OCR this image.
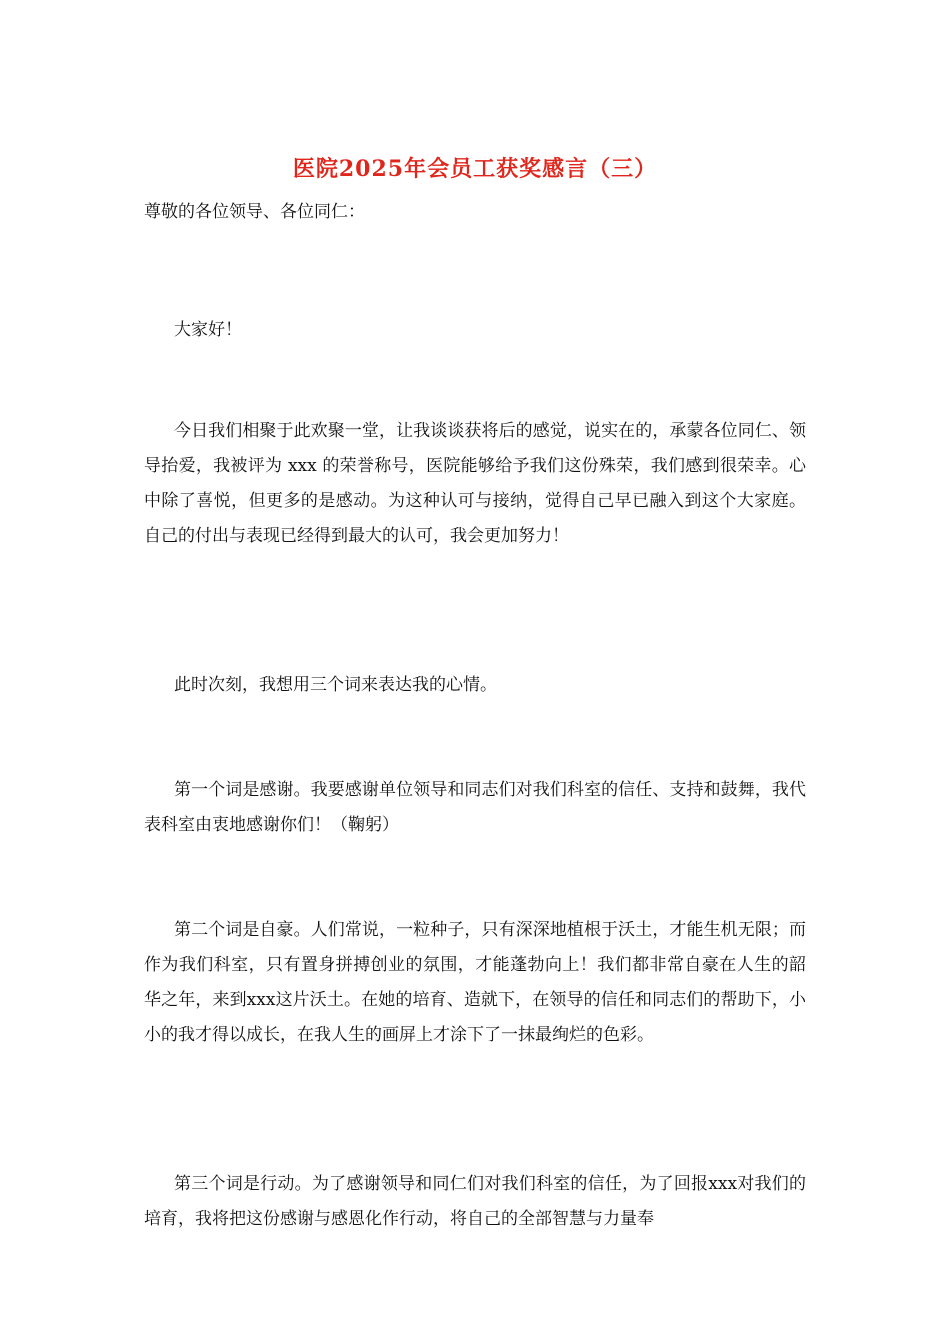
医院2025年会员工获奖感言（三）
尊敬的各位领导、各位同仁：

大家好！

今日我们相聚于此欢聚一堂，让我谈谈获将后的感觉，说实在的，承蒙各位同仁、领导抬爱，我被评为 xxx 的荣誉称号，医院能够给予我们这份殊荣，我们感到很荣幸。心中除了喜悦，但更多的是感动。为这种认可与接纳，觉得自己早已融入到这个大家庭。自己的付出与表现已经得到最大的认可，我会更加努力！

此时次刻，我想用三个词来表达我的心情。

第一个词是感谢。我要感谢单位领导和同志们对我们科室的信任、支持和鼓舞，我代表科室由衷地感谢你们！（鞠躬）

第二个词是自豪。人们常说，一粒种子，只有深深地植根于沃土，才能生机无限；而作为我们科室，只有置身拼搏创业的氛围，才能蓬勃向上！我们都非常自豪在人生的韶华之年，来到xxx这片沃土。在她的培育、造就下，在领导的信任和同志们的帮助下，小小的我才得以成长，在我人生的画屏上才涂下了一抹最绚烂的色彩。

第三个词是行动。为了感谢领导和同仁们对我们科室的信任，为了回报xxx对我们的培育，我将把这份感谢与感恩化作行动，将自己的全部智慧与力量奉
